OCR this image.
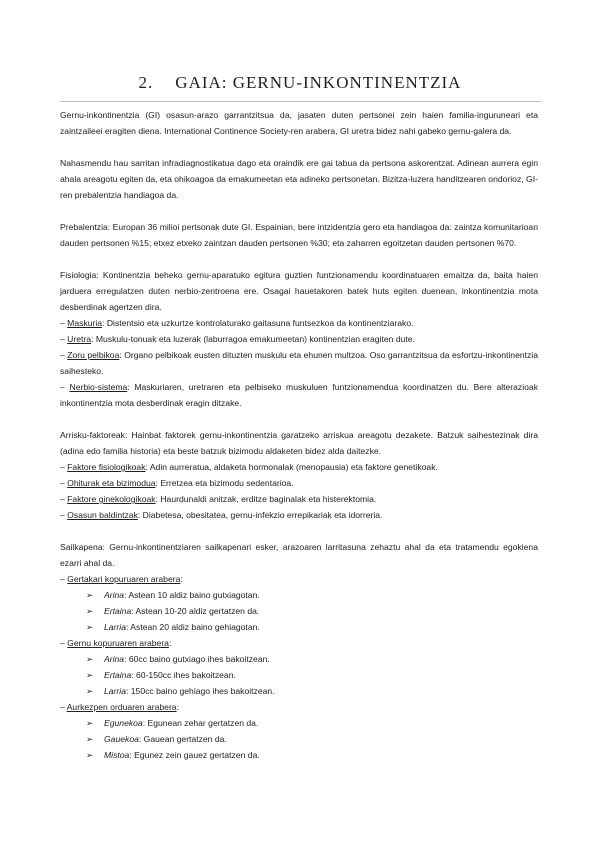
2. GAIA: GERNU-INKONTINENTZIA

Gernu-inkontinentzia (GI) osasun-arazo garrantzitsua da, jasaten duten pertsonei zein haien familia-inguruneari eta zaintzaileei eragiten diena. International Continence Society-ren arabera, GI uretra bidez nahi gabeko gernu-galera da.

Nahasmendu hau sarritan infradiagnostikatua dago eta oraindik ere gai tabua da pertsona askorentzat. Adinean aurrera egin ahala areagotu egiten da, eta ohikoagoa da emakumeetan eta adineko pertsonetan. Bizitza-luzera handitzearen ondorioz, GI-ren prebalentzia handiagoa da.

Prebalentzia: Europan 36 milioi pertsonak dute GI. Espainian, bere intzidentzia gero eta handiagoa da: zaintza komunitarioan dauden pertsonen %15; etxez etxeko zaintzan dauden pertsonen %30; eta zaharren egoitzetan dauden pertsonen %70.

Fisiologia: Kontinentzia beheko gernu-aparatuko egitura guztien funtzionamendu koordinatuaren emaitza da, baita haien jarduera erregulatzen duten nerbio-zentroena ere. Osagai hauetakoren batek huts egiten duenean, inkontinentzia mota desberdinak agertzen dira.

– Maskuria: Distentsio eta uzkurtze kontrolaturako gaitasuna funtsezkoa da kontinentziarako.

– Uretra: Muskulu-tonuak eta luzerak (laburragoa emakumeetan) kontinentzian eragiten dute.

– Zoru pelbikoa: Organo pelbikoak eusten dituzten muskulu eta ehunen multzoa. Oso garrantzitsua da esfortzu-inkontinentzia saihesteko.

– Nerbio-sistema: Maskuriaren, uretraren eta pelbiseko muskuluen funtzionamendua koordinatzen du. Bere alterazioak inkontinentzia mota desberdinak eragin ditzake.

Arrisku-faktoreak: Hainbat faktorek gernu-inkontinentzia garatzeko arriskua areagotu dezakete. Batzuk saihestezinak dira (adina edo familia historia) eta beste batzuk bizimodu aldaketen bidez alda daitezke.

– Faktore fisiologikoak: Adin aurreratua, aldaketa hormonalak (menopausia) eta faktore genetikoak.

– Ohiturak eta bizimodua: Erretzea eta bizimodu sedentarioa.

– Faktore ginekologikoak: Haurdunaldi anitzak, erditze baginalak eta histerektomia.

– Osasun baldintzak: Diabetesa, obesitatea, gernu-infekzio errepikariak eta idorreria.

Sailkapena: Gernu-inkontinentziaren sailkapenari esker, arazoaren larritasuna zehaztu ahal da eta tratamendu egokiena ezarri ahal da.

– Gertakari kopuruaren arabera:

➢	Arina: Astean 10 aldiz baino gutxiagotan.
➢	Ertaina: Astean 10-20 aldiz gertatzen da.
➢	Larria: Astean 20 aldiz baino gehiagotan.

– Gernu kopuruaren arabera:

➢	Arina: 60cc baino gutxiago ihes bakoitzean.
➢	Ertaina: 60-150cc ihes bakoitzean.
➢	Larria: 150cc baino gehiago ihes bakoitzean.

– Aurkezpen orduaren arabera:

➢	Egunekoa: Egunean zehar gertatzen da.
➢	Gauekoa: Gauean gertatzen da.
➢	Mistoa: Egunez zein gauez gertatzen da.
